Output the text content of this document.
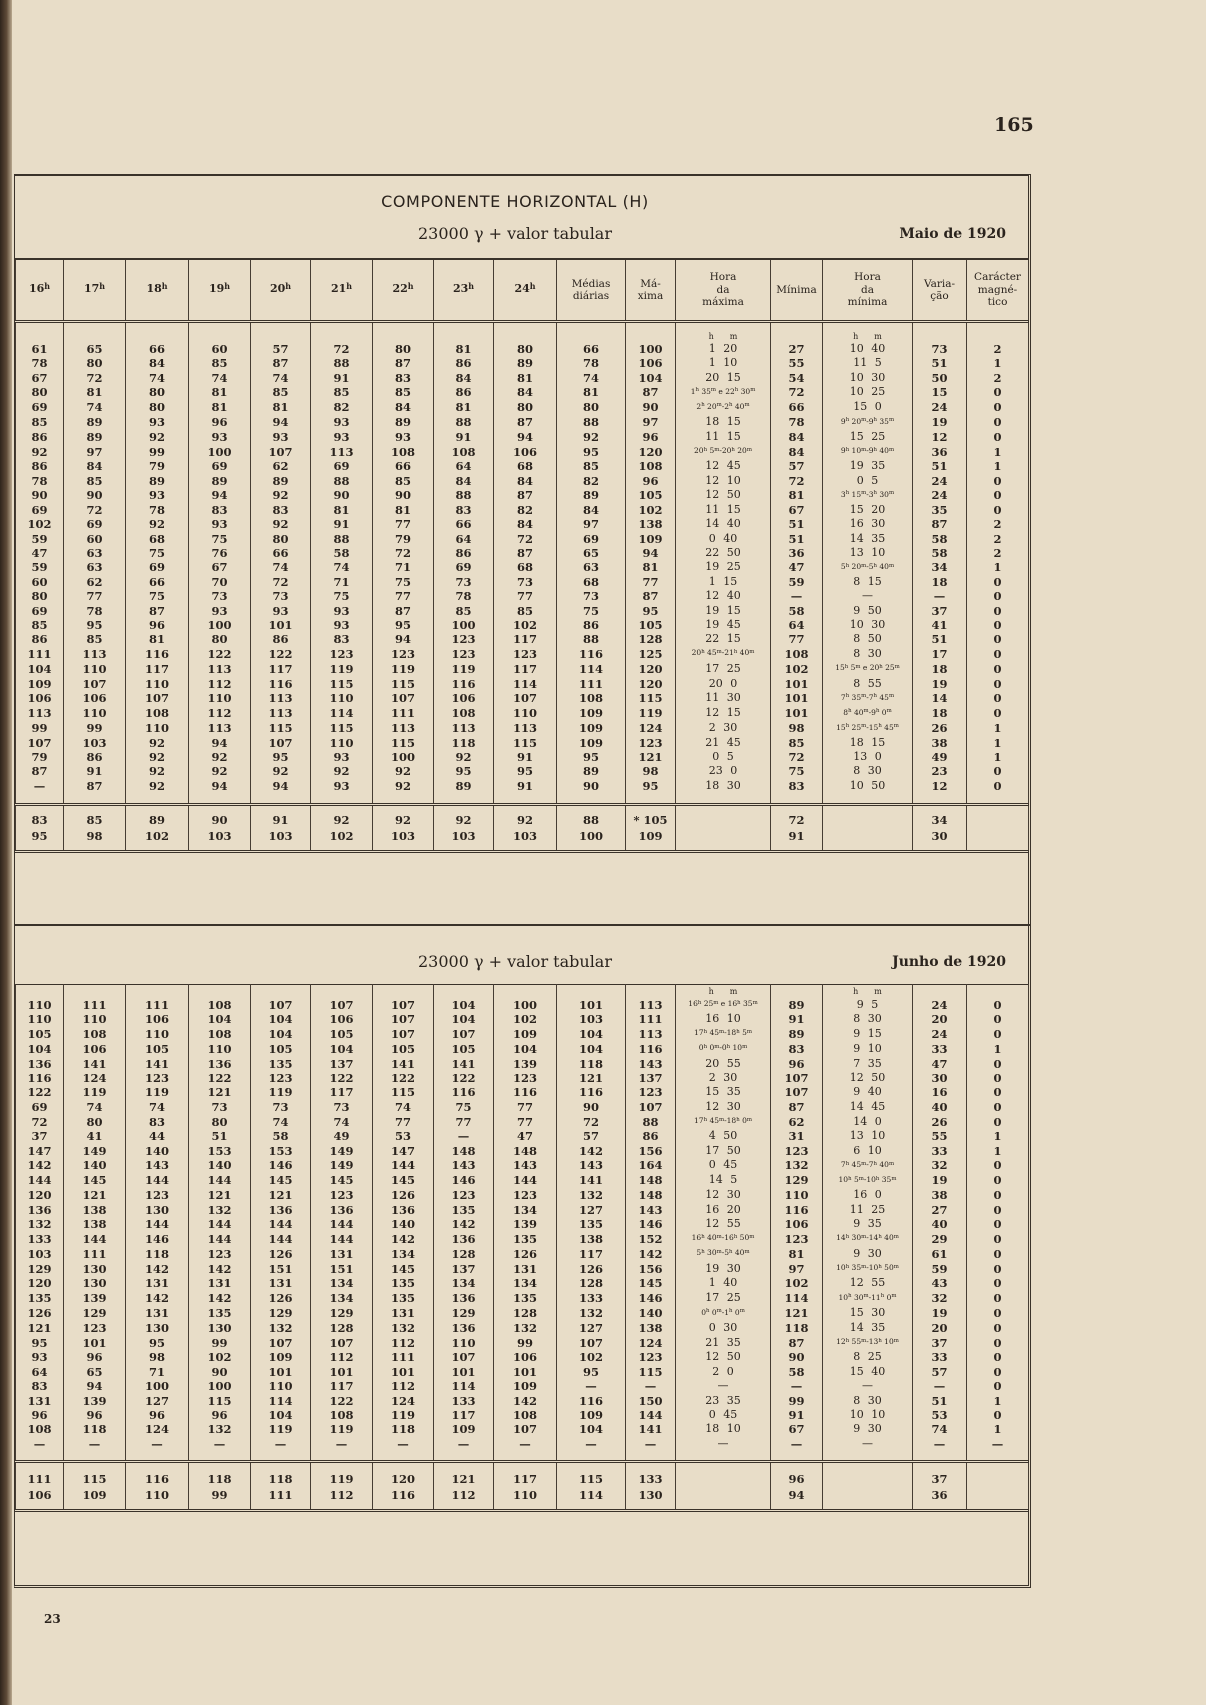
165
23
COMPONENTE HORIZONTAL (H)
23000 γ + valor tabular	Maio de 1920
16$^h$	17$^h$	18$^h$	19$^h$	20$^h$	21$^h$	22$^h$	23$^h$	24$^h$	Médias
diárias	Má-
xima	Hora
da
máxima	Mínima	Hora
da
mínima	Varia-
ção	Carácter
magné-
tico
											h m		h m		
61	65	66	60	57	72	80	81	80	66	100	1 20	27	10 40	73	2
78	80	84	85	87	88	87	86	89	78	106	1 10	55	11 5	51	1
67	72	74	74	74	91	83	84	81	74	104	20 15	54	10 30	50	2
80	81	80	81	85	85	85	86	84	81	87	1$^h$ 35$^m$ e 22$^h$ 30$^m$	72	10 25	15	0
69	74	80	81	81	82	84	81	80	80	90	2$^h$ 20$^m$-2$^h$ 40$^m$	66	15 0	24	0
85	89	93	96	94	93	89	88	87	88	97	18 15	78	9$^h$ 20$^m$-9$^h$ 35$^m$	19	0
86	89	92	93	93	93	93	91	94	92	96	11 15	84	15 25	12	0
92	97	99	100	107	113	108	108	106	95	120	20$^h$ 5$^m$-20$^h$ 20$^m$	84	9$^h$ 10$^m$-9$^h$ 40$^m$	36	1
86	84	79	69	62	69	66	64	68	85	108	12 45	57	19 35	51	1
78	85	89	89	89	88	85	84	84	82	96	12 10	72	0 5	24	0
90	90	93	94	92	90	90	88	87	89	105	12 50	81	3$^h$ 15$^m$-3$^h$ 30$^m$	24	0
69	72	78	83	83	81	81	83	82	84	102	11 15	67	15 20	35	0
102	69	92	93	92	91	77	66	84	97	138	14 40	51	16 30	87	2
59	60	68	75	80	88	79	64	72	69	109	0 40	51	14 35	58	2
47	63	75	76	66	58	72	86	87	65	94	22 50	36	13 10	58	2
59	63	69	67	74	74	71	69	68	63	81	19 25	47	5$^h$ 20$^m$-5$^h$ 40$^m$	34	1
60	62	66	70	72	71	75	73	73	68	77	1 15	59	8 15	18	0
80	77	75	73	73	75	77	78	77	73	87	12 40	—	—	—	0
69	78	87	93	93	93	87	85	85	75	95	19 15	58	9 50	37	0
85	95	96	100	101	93	95	100	102	86	105	19 45	64	10 30	41	0
86	85	81	80	86	83	94	123	117	88	128	22 15	77	8 50	51	0
111	113	116	122	122	123	123	123	123	116	125	20$^h$ 45$^m$-21$^h$ 40$^m$	108	8 30	17	0
104	110	117	113	117	119	119	119	117	114	120	17 25	102	15$^h$ 5$^m$ e 20$^h$ 25$^m$	18	0
109	107	110	112	116	115	115	116	114	111	120	20 0	101	8 55	19	0
106	106	107	110	113	110	107	106	107	108	115	11 30	101	7$^h$ 35$^m$-7$^h$ 45$^m$	14	0
113	110	108	112	113	114	111	108	110	109	119	12 15	101	8$^h$ 40$^m$-9$^h$ 0$^m$	18	0
99	99	110	113	115	115	113	113	113	109	124	2 30	98	15$^h$ 25$^m$-15$^h$ 45$^m$	26	1
107	103	92	94	107	110	115	118	115	109	123	21 45	85	18 15	38	1
79	86	92	92	95	93	100	92	91	95	121	0 5	72	13 0	49	1
87	91	92	92	92	92	92	95	95	89	98	23 0	75	8 30	23	0
—	87	92	94	94	93	92	89	91	90	95	18 30	83	10 50	12	0

83	85	89	90	91	92	92	92	92	88	* 105		72		34	
95	98	102	103	103	102	103	103	103	100	109		91		30	

23000 γ + valor tabular	Junho de 1920
											h m		h m		
110	111	111	108	107	107	107	104	100	101	113	16$^h$ 25$^m$ e 16$^h$ 35$^m$	89	9 5	24	0
110	110	106	104	104	106	107	104	102	103	111	16 10	91	8 30	20	0
105	108	110	108	104	105	107	107	109	104	113	17$^h$ 45$^m$-18$^h$ 5$^m$	89	9 15	24	0
104	106	105	110	105	104	105	105	104	104	116	0$^h$ 0$^m$-0$^h$ 10$^m$	83	9 10	33	1
136	141	141	136	135	137	141	141	139	118	143	20 55	96	7 35	47	0
116	124	123	122	123	122	122	122	123	121	137	2 30	107	12 50	30	0
122	119	119	121	119	117	115	116	116	116	123	15 35	107	9 40	16	0
69	74	74	73	73	73	74	75	77	90	107	12 30	87	14 45	40	0
72	80	83	80	74	74	77	77	77	72	88	17$^h$ 45$^m$-18$^h$ 0$^m$	62	14 0	26	0
37	41	44	51	58	49	53	—	47	57	86	4 50	31	13 10	55	1
147	149	140	153	153	149	147	148	148	142	156	17 50	123	6 10	33	1
142	140	143	140	146	149	144	143	143	143	164	0 45	132	7$^h$ 45$^m$-7$^h$ 40$^m$	32	0
144	145	144	144	145	145	145	146	144	141	148	14 5	129	10$^h$ 5$^m$-10$^h$ 35$^m$	19	0
120	121	123	121	121	123	126	123	123	132	148	12 30	110	16 0	38	0
136	138	130	132	136	136	136	135	134	127	143	16 20	116	11 25	27	0
132	138	144	144	144	144	140	142	139	135	146	12 55	106	9 35	40	0
133	144	146	144	144	144	142	136	135	138	152	16$^h$ 40$^m$-16$^h$ 50$^m$	123	14$^h$ 30$^m$-14$^h$ 40$^m$	29	0
103	111	118	123	126	131	134	128	126	117	142	5$^h$ 30$^m$-5$^h$ 40$^m$	81	9 30	61	0
129	130	142	142	151	151	145	137	131	126	156	19 30	97	10$^h$ 35$^m$-10$^h$ 50$^m$	59	0
120	130	131	131	131	134	135	134	134	128	145	1 40	102	12 55	43	0
135	139	142	142	126	134	135	136	135	133	146	17 25	114	10$^h$ 30$^m$-11$^h$ 0$^m$	32	0
126	129	131	135	129	129	131	129	128	132	140	0$^h$ 0$^m$-1$^h$ 0$^m$	121	15 30	19	0
121	123	130	130	132	128	132	136	132	127	138	0 30	118	14 35	20	0
95	101	95	99	107	107	112	110	99	107	124	21 35	87	12$^h$ 55$^m$-13$^h$ 10$^m$	37	0
93	96	98	102	109	112	111	107	106	102	123	12 50	90	8 25	33	0
64	65	71	90	101	101	101	101	101	95	115	2 0	58	15 40	57	0
83	94	100	100	110	117	112	114	109	—	—	—	—	—	—	0
131	139	127	115	114	122	124	133	142	116	150	23 35	99	8 30	51	1
96	96	96	96	104	108	119	117	108	109	144	0 45	91	10 10	53	0
108	118	124	132	119	119	118	109	107	104	141	18 10	67	9 30	74	1
—	—	—	—	—	—	—	—	—	—	—	—	—	—	—	—

111	115	116	118	118	119	120	121	117	115	133		96		37	
106	109	110	99	111	112	116	112	110	114	130		94		36	
